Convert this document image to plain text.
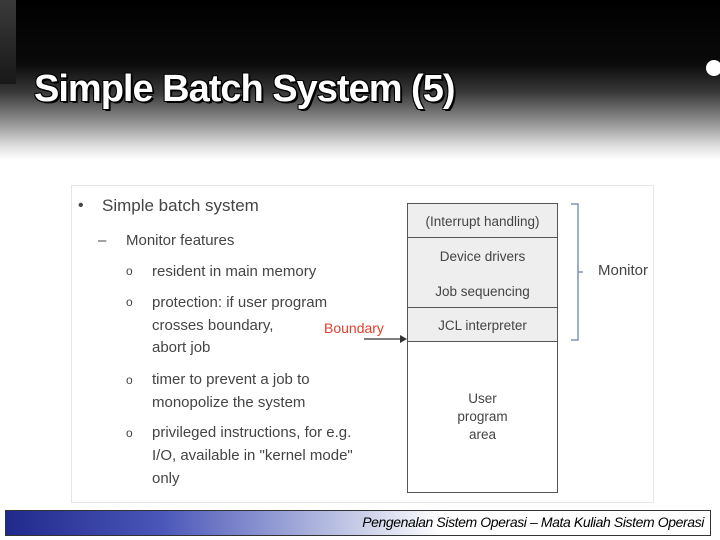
Simple Batch System (5)
• Simple batch system
– Monitor features
o resident in main memory
o protection: if user program
crosses boundary,
abort job
o timer to prevent a job to
monopolize the system
o privileged instructions, for e.g.
I/O, available in "kernel mode"
only
(Interrupt handling)
Device drivers
Job sequencing
JCL interpreter
User
program
area
Boundary
Monitor
Pengenalan Sistem Operasi – Mata Kuliah Sistem Operasi
